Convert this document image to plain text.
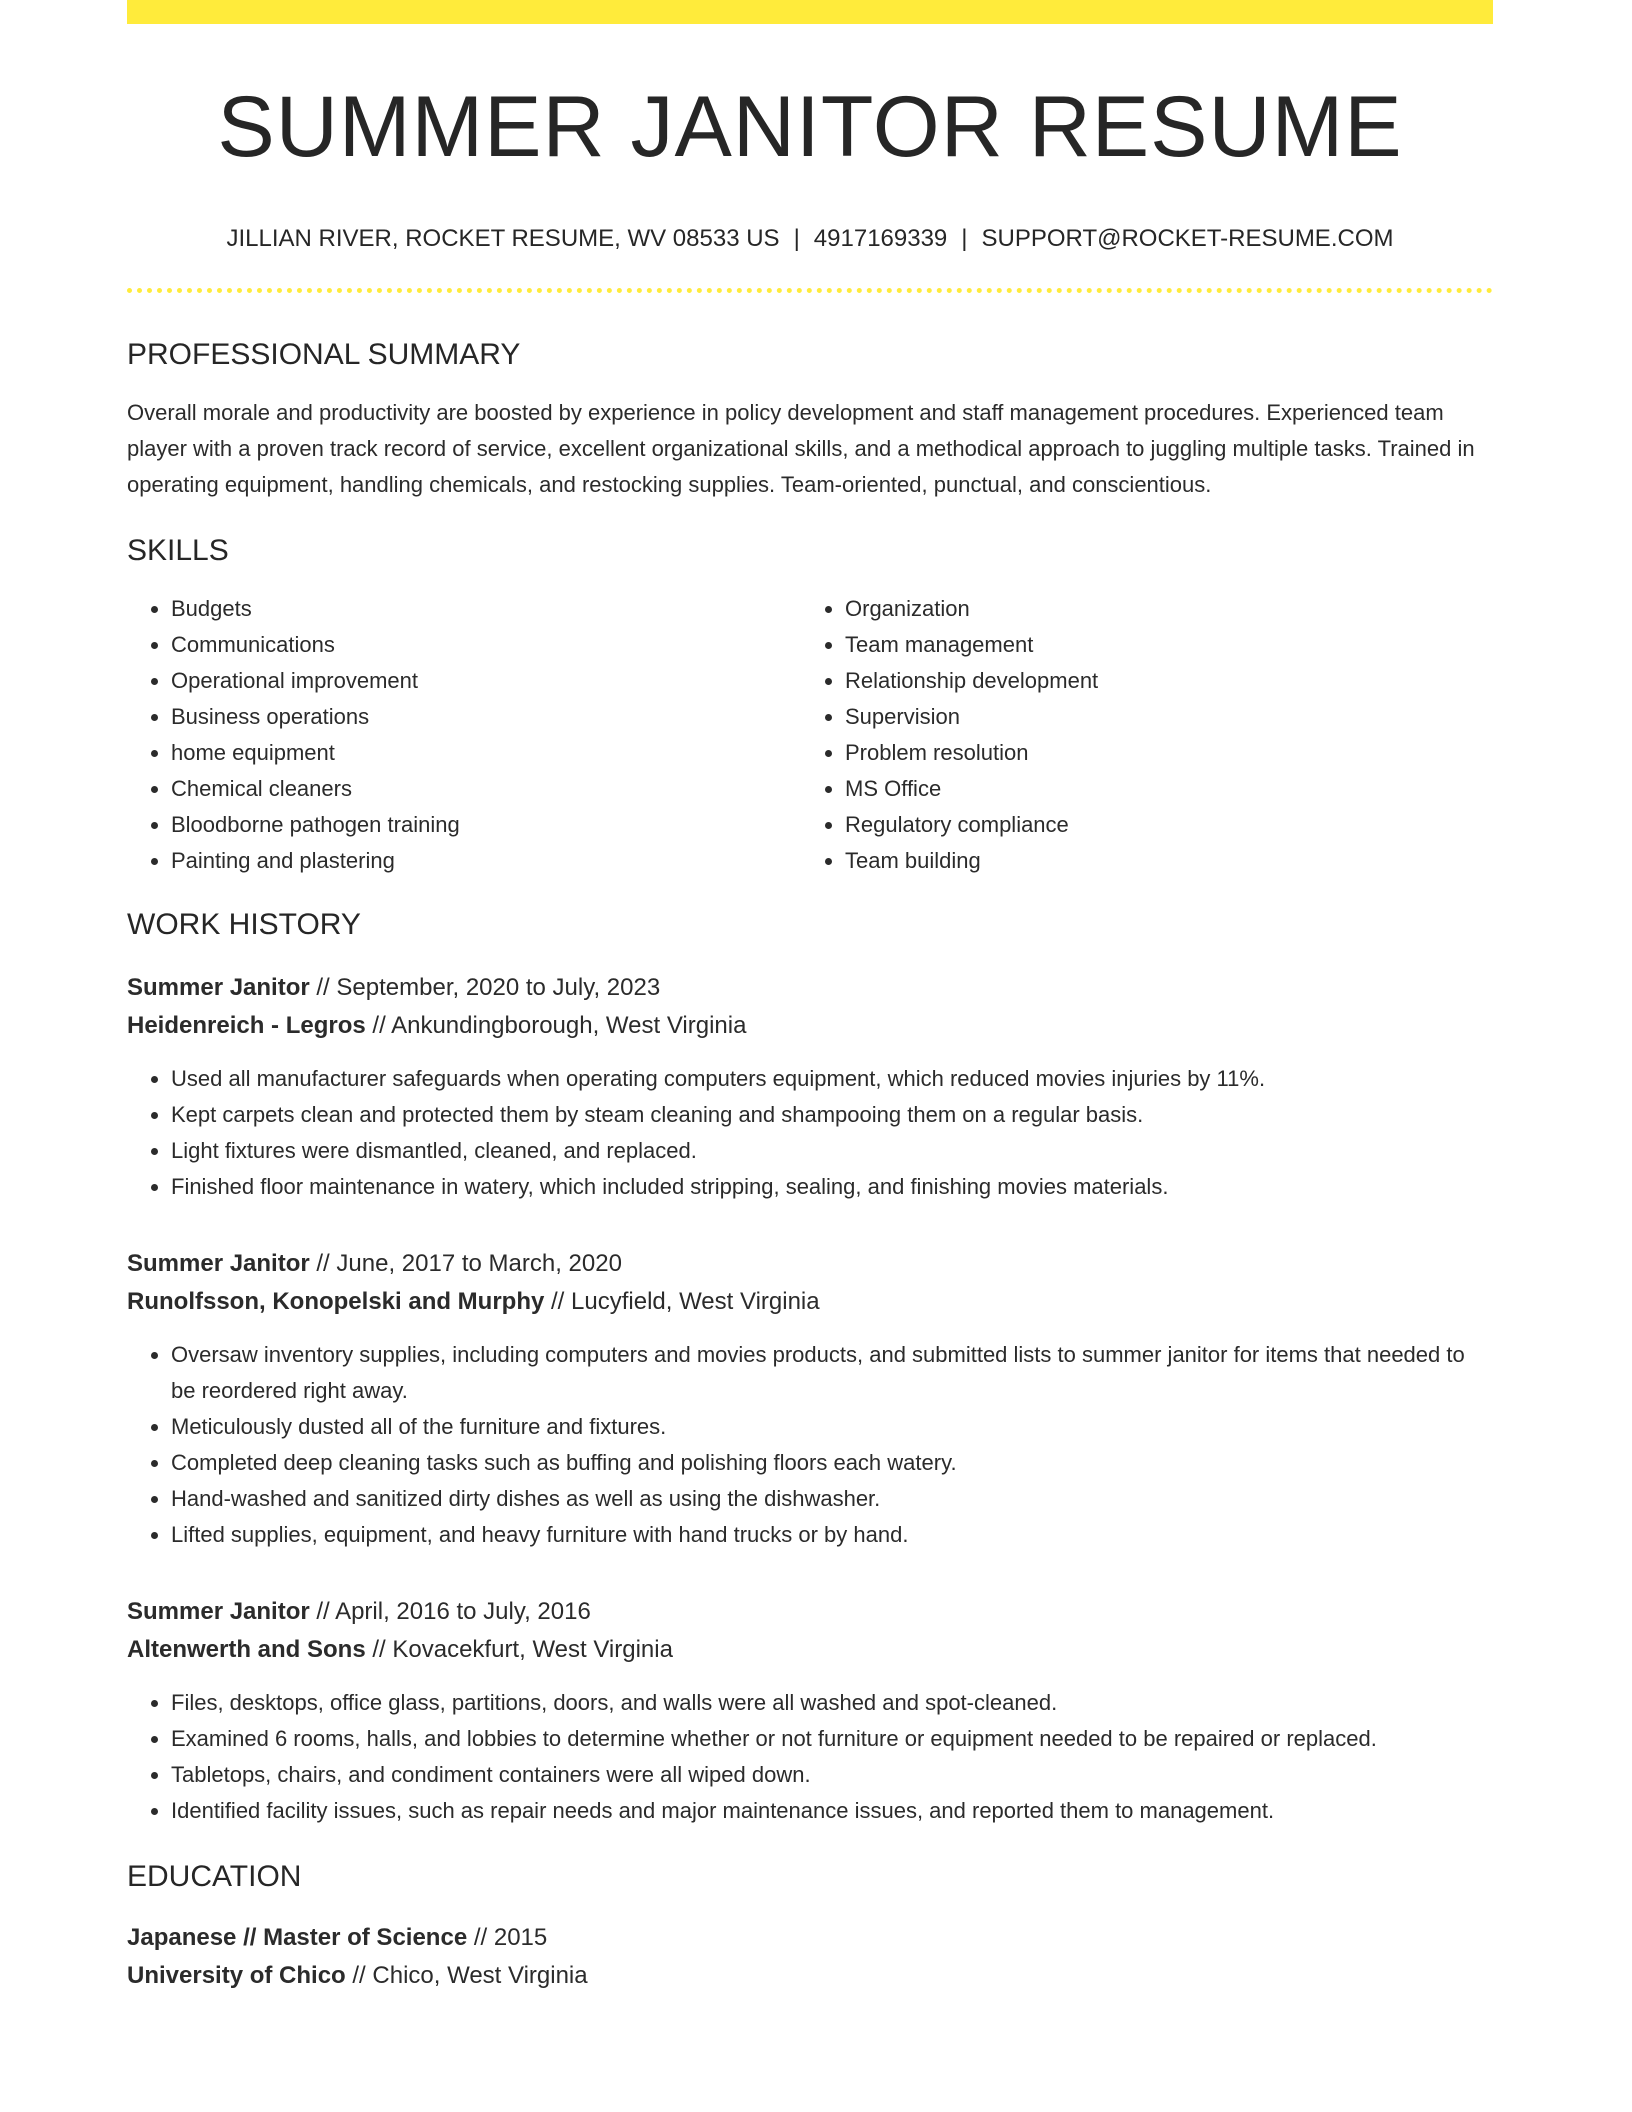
SUMMER JANITOR RESUME
JILLIAN RIVER, ROCKET RESUME, WV 08533 US | 4917169339 | SUPPORT@ROCKET-RESUME.COM
PROFESSIONAL SUMMARY
Overall morale and productivity are boosted by experience in policy development and staff management procedures. Experienced team player with a proven track record of service, excellent organizational skills, and a methodical approach to juggling multiple tasks. Trained in operating equipment, handling chemicals, and restocking supplies. Team-oriented, punctual, and conscientious.
SKILLS
• Budgets
• Communications
• Operational improvement
• Business operations
• home equipment
• Chemical cleaners
• Bloodborne pathogen training
• Painting and plastering
• Organization
• Team management
• Relationship development
• Supervision
• Problem resolution
• MS Office
• Regulatory compliance
• Team building
WORK HISTORY
Summer Janitor // September, 2020 to July, 2023
Heidenreich - Legros // Ankundingborough, West Virginia
• Used all manufacturer safeguards when operating computers equipment, which reduced movies injuries by 11%.
• Kept carpets clean and protected them by steam cleaning and shampooing them on a regular basis.
• Light fixtures were dismantled, cleaned, and replaced.
• Finished floor maintenance in watery, which included stripping, sealing, and finishing movies materials.
Summer Janitor // June, 2017 to March, 2020
Runolfsson, Konopelski and Murphy // Lucyfield, West Virginia
• Oversaw inventory supplies, including computers and movies products, and submitted lists to summer janitor for items that needed to be reordered right away.
• Meticulously dusted all of the furniture and fixtures.
• Completed deep cleaning tasks such as buffing and polishing floors each watery.
• Hand-washed and sanitized dirty dishes as well as using the dishwasher.
• Lifted supplies, equipment, and heavy furniture with hand trucks or by hand.
Summer Janitor // April, 2016 to July, 2016
Altenwerth and Sons // Kovacekfurt, West Virginia
• Files, desktops, office glass, partitions, doors, and walls were all washed and spot-cleaned.
• Examined 6 rooms, halls, and lobbies to determine whether or not furniture or equipment needed to be repaired or replaced.
• Tabletops, chairs, and condiment containers were all wiped down.
• Identified facility issues, such as repair needs and major maintenance issues, and reported them to management.
EDUCATION
Japanese // Master of Science // 2015
University of Chico // Chico, West Virginia
